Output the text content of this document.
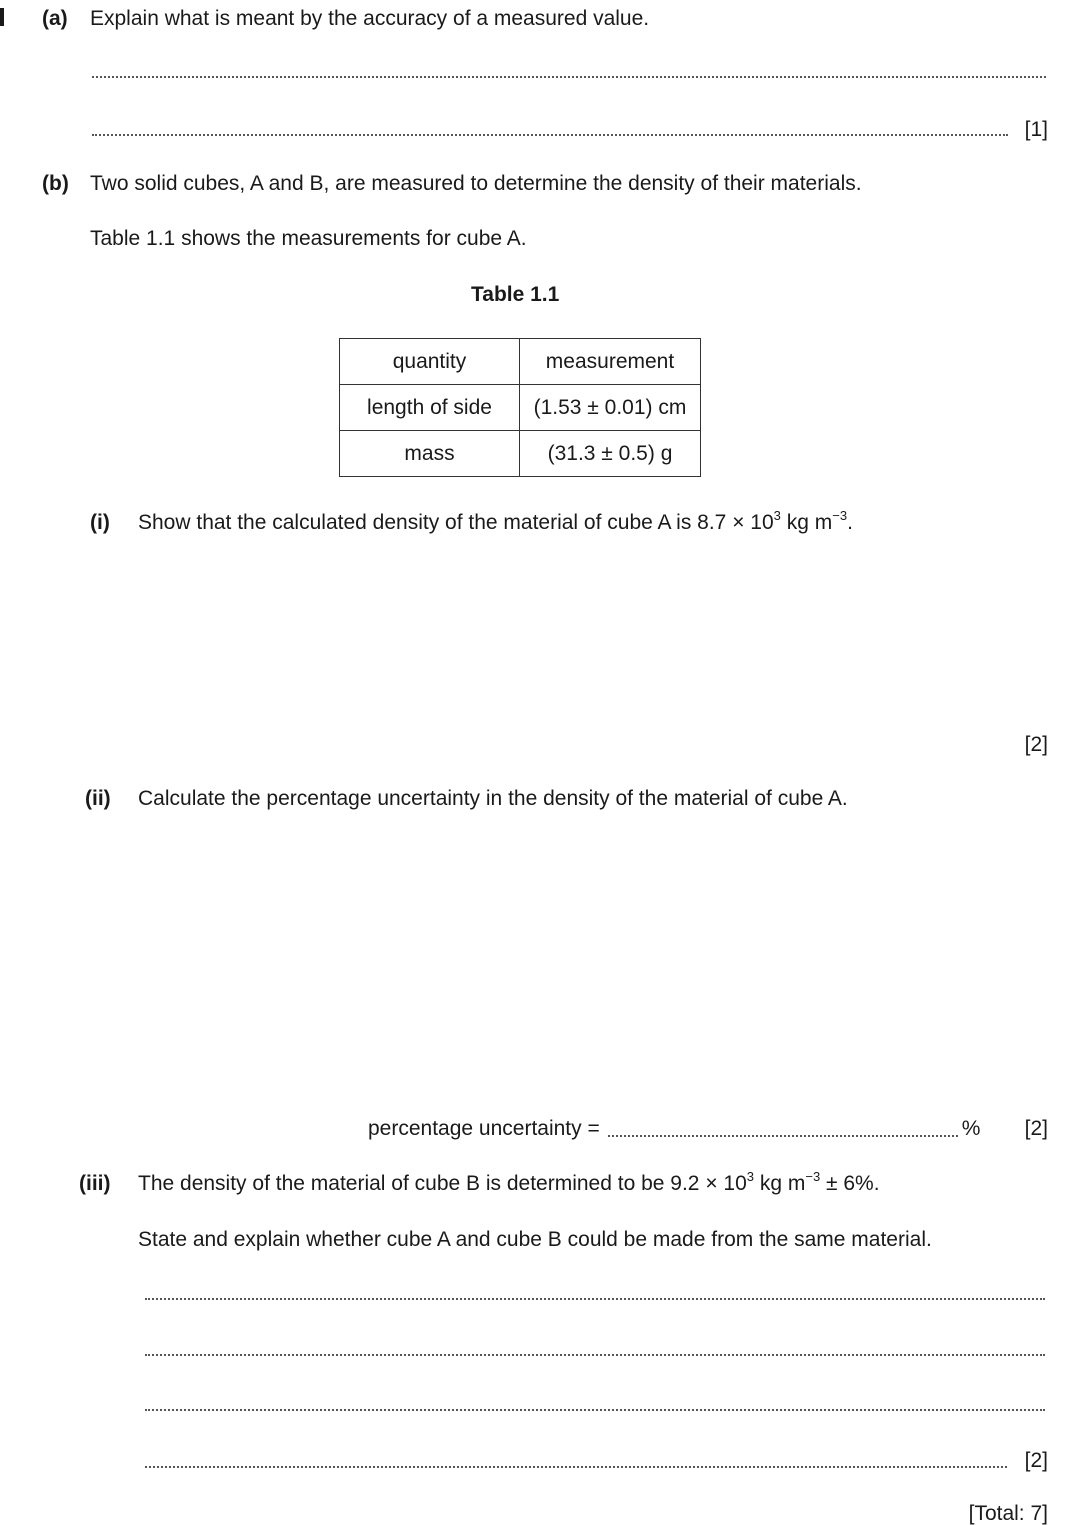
(a) Explain what is meant by the accuracy of a measured value.
[1]
(b) Two solid cubes, A and B, are measured to determine the density of their materials.
Table 1.1 shows the measurements for cube A.
Table 1.1
quantity	measurement
length of side	(1.53 ± 0.01) cm
mass	(31.3 ± 0.5) g
(i) Show that the calculated density of the material of cube A is $8.7 \times 10^3$ kg $m^{-3}$.
[2]
(ii) Calculate the percentage uncertainty in the density of the material of cube A.
percentage uncertainty =	% [2]
(iii) The density of the material of cube B is determined to be $9.2 \times 10^3$ kg $m^{-3} \pm 6\%$.
State and explain whether cube A and cube B could be made from the same material.
[2]
[Total: 7]
